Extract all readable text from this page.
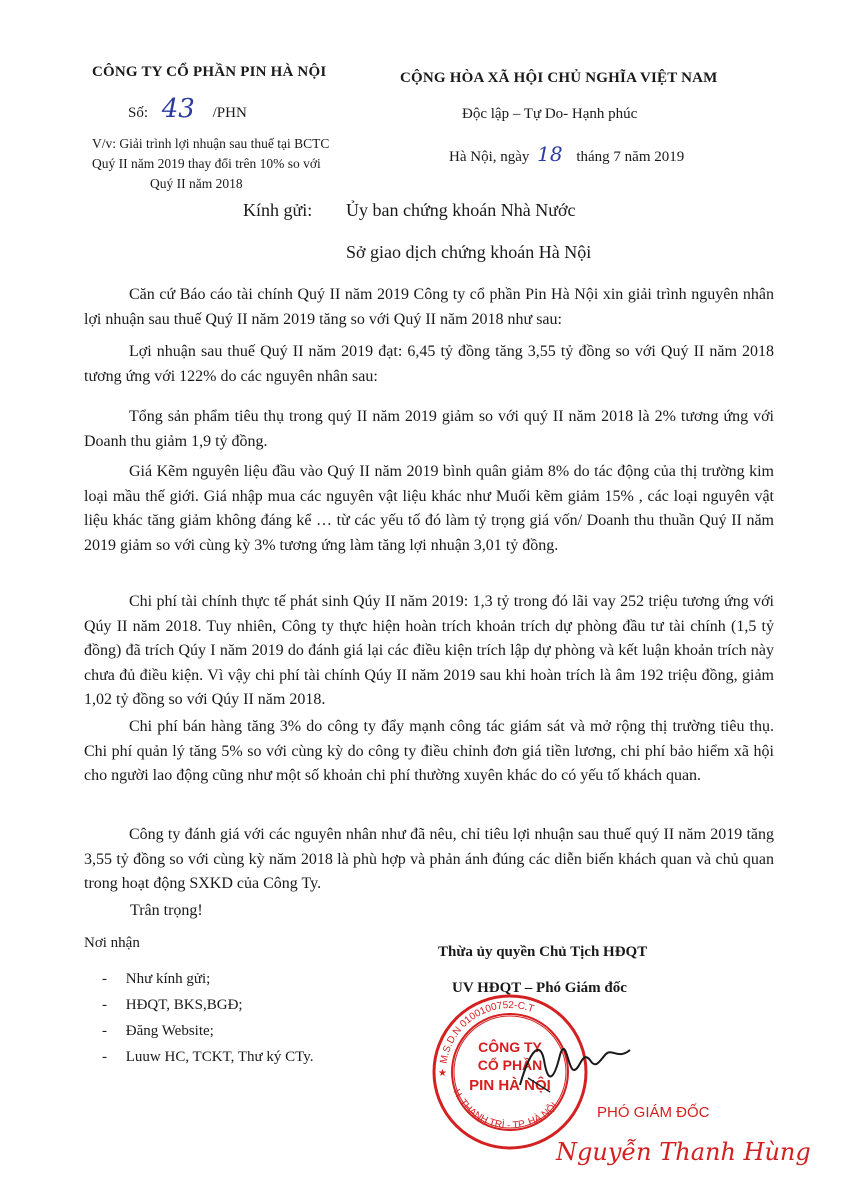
CÔNG TY CỔ PHẦN PIN HÀ NỘI
Số: 43 /PHN
V/v: Giải trình lợi nhuận sau thuế tại BCTC
Quý II năm 2019 thay đổi trên 10% so với
Quý II năm 2018
CỘNG HÒA XÃ HỘI CHỦ NGHĨA VIỆT NAM
Độc lập – Tự Do- Hạnh phúc
Hà Nội, ngày 18 tháng 7 năm 2019
Kính gửi: Ủy ban chứng khoán Nhà Nước
Sở giao dịch chứng khoán Hà Nội
Căn cứ Báo cáo tài chính Quý II năm 2019 Công ty cổ phần Pin Hà Nội xin giải trình nguyên nhân lợi nhuận sau thuế Quý II năm 2019 tăng so với Quý II năm 2018 như sau:
Lợi nhuận sau thuế Quý II năm 2019 đạt: 6,45 tỷ đồng tăng 3,55 tỷ đồng so với Quý II năm 2018 tương ứng với 122% do các nguyên nhân sau:
Tổng sản phẩm tiêu thụ trong quý II năm 2019 giảm so với quý II năm 2018 là 2% tương ứng với Doanh thu giảm 1,9 tỷ đồng.
Giá Kẽm nguyên liệu đầu vào Quý II năm 2019 bình quân giảm 8% do tác động của thị trường kim loại mầu thế giới. Giá nhập mua các nguyên vật liệu khác như Muối kẽm giảm 15% , các loại nguyên vật liệu khác tăng giảm không đáng kể … từ các yếu tố đó làm tỷ trọng giá vốn/ Doanh thu thuần Quý II năm 2019 giảm so với cùng kỳ 3% tương ứng làm tăng lợi nhuận 3,01 tỷ đồng.
Chi phí tài chính thực tế phát sinh Qúy II năm 2019: 1,3 tỷ trong đó lãi vay 252 triệu tương ứng với Qúy II năm 2018. Tuy nhiên, Công ty thực hiện hoàn trích khoản trích dự phòng đầu tư tài chính (1,5 tỷ đồng) đã trích Qúy I năm 2019 do đánh giá lại các điều kiện trích lập dự phòng và kết luận khoản trích này chưa đủ điều kiện. Vì vậy chi phí tài chính Qúy II năm 2019 sau khi hoàn trích là âm 192 triệu đồng, giảm 1,02 tỷ đồng so với Qúy II năm 2018.
Chi phí bán hàng tăng 3% do công ty đẩy mạnh công tác giám sát và mở rộng thị trường tiêu thụ. Chi phí quản lý tăng 5% so với cùng kỳ do công ty điều chỉnh đơn giá tiền lương, chi phí bảo hiểm xã hội cho người lao động cũng như một số khoản chi phí thường xuyên khác do có yếu tố khách quan.
Công ty đánh giá với các nguyên nhân như đã nêu, chỉ tiêu lợi nhuận sau thuế quý II năm 2019 tăng 3,55 tỷ đồng so với cùng kỳ năm 2018 là phù hợp và phản ánh đúng các diễn biến khách quan và chủ quan trong hoạt động SXKD của Công Ty.
Trân trọng!
Nơi nhận
-     Như kính gửi;
-     HĐQT, BKS,BGĐ;
-     Đăng Website;
-     Luuw HC, TCKT, Thư ký CTy.
Thừa ủy quyền Chủ Tịch HĐQT
UV HĐQT – Phó Giám đốc
CÔNG TY
CỔ PHẦN
PIN HÀ NỘI
M.S.D.N 0100100752-C.T
H. THANH TRÌ - TP. HÀ NỘI
★
PHÓ GIÁM ĐỐC
Nguyễn Thanh Hùng
